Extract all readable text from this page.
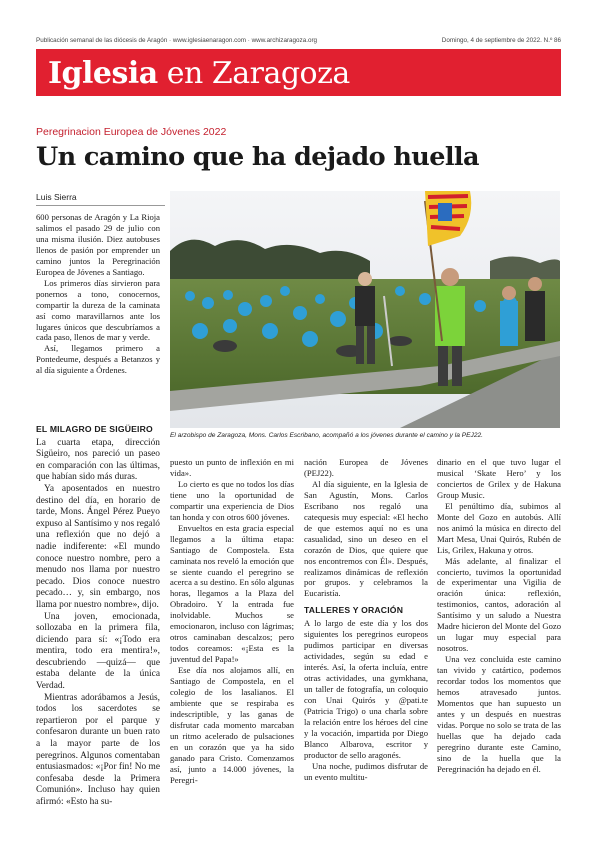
Publicación semanal de las diócesis de Aragón · www.iglesiaenaragon.com · www.archizaragoza.org	Domingo, 4 de septiembre de 2022. N.º 86
Iglesia en Zaragoza
Peregrinacion Europea de Jóvenes 2022
Un camino que ha dejado huella
Luis Sierra
El arzobispo de Zaragoza, Mons. Carlos Escribano, acompañó a los jóvenes durante el camino y la PEJ22.

600 personas de Aragón y La Rioja salimos el pasado 29 de julio con una misma ilusión. Diez autobuses llenos de pasión por emprender un camino juntos la Peregrinación Europea de Jóvenes a Santiago.

Los primeros días sirvieron para ponernos a tono, conocernos, compartir la dureza de la caminata así como maravillarnos ante los lugares únicos que descubríamos a cada paso, llenos de mar y verde.

Así, llegamos primero a Pontedeume, después a Betanzos y al día siguiente a Órdenes.

EL MILAGRO DE SIGÜEIRO

La cuarta etapa, dirección Sigüeiro, nos pareció un paseo en comparación con las últimas, que habían sido más duras.

Ya aposentados en nuestro destino del día, en horario de tarde, Mons. Ángel Pérez Pueyo expuso al Santísimo y nos regaló una reflexión que no dejó a nadie indiferente: «El mundo conoce nuestro nombre, pero a menudo nos llama por nuestro pecado. Dios conoce nuestro pecado… y, sin embargo, nos llama por nuestro nombre», dijo.

Una joven, emocionada, sollozaba en la primera fila, diciendo para sí: «¡Todo era mentira, todo era mentira!», descubriendo —quizá— que estaba delante de la única Verdad.

Mientras adorábamos a Jesús, todos los sacerdotes se repartieron por el parque y confesaron durante un buen rato a la mayor parte de los peregrinos. Algunos comentaban entusiasmados: «¡Por fin! No me confesaba desde la Primera Comunión». Incluso hay quien afirmó: «Esto ha su-

puesto un punto de inflexión en mi vida».

Lo cierto es que no todos los días tiene uno la oportunidad de compartir una experiencia de Dios tan honda y con otros 600 jóvenes.

Envueltos en esta gracia especial llegamos a la última etapa: Santiago de Compostela. Esta caminata nos reveló la emoción que se siente cuando el peregrino se acerca a su destino. En sólo algunas horas, llegamos a la Plaza del Obradoiro. Y la entrada fue inolvidable. Muchos se emocionaron, incluso con lágrimas; otros caminaban descalzos; pero todos coreamos: «¡Esta es la juventud del Papa!»

Ese día nos alojamos allí, en Santiago de Compostela, en el colegio de los lasalianos. El ambiente que se respiraba es indescriptible, y las ganas de disfrutar cada momento marcaban un ritmo acelerado de pulsaciones en un corazón que ya ha sido ganado para Cristo. Comenzamos así, junto a 14.000 jóvenes, la Peregri-

nación Europea de Jóvenes (PEJ22).

Al día siguiente, en la Iglesia de San Agustín, Mons. Carlos Escribano nos regaló una catequesis muy especial: «El hecho de que estemos aquí no es una casualidad, sino un deseo en el corazón de Dios, que quiere que nos encontremos con Él». Después, realizamos dinámicas de reflexión por grupos. y celebramos la Eucaristía.

TALLERES Y ORACIÓN

A lo largo de este día y los dos siguientes los peregrinos europeos pudimos participar en diversas actividades, según su edad e interés. Así, la oferta incluía, entre otras actividades, una gymkhana, un taller de fotografía, un coloquio con Unai Quirós y @pati.te (Patricia Trigo) o una charla sobre la relación entre los héroes del cine y la vocación, impartida por Diego Blanco Albarova, escritor y productor de sello aragonés.

Una noche, pudimos disfrutar de un evento multitu-

dinario en el que tuvo lugar el musical ‘Skate Hero’ y los conciertos de Grilex y de Hakuna Group Music.

El penúltimo día, subimos al Monte del Gozo en autobús. Allí nos animó la música en directo del Mart Mesa, Unai Quirós, Rubén de Lis, Grilex, Hakuna y otros.

Más adelante, al finalizar el concierto, tuvimos la oportunidad de experimentar una Vigilia de oración única: reflexión, testimonios, cantos, adoración al Santísimo y un saludo a Nuestra Madre hicieron del Monte del Gozo un lugar muy especial para nosotros.

Una vez concluida este camino tan vivido y catártico, podemos recordar todos los momentos que hemos atravesado juntos. Momentos que han supuesto un antes y un después en nuestras vidas. Porque no solo se trata de las huellas que ha dejado cada peregrino durante este Camino, sino de la huella que la Peregrinación ha dejado en él.
